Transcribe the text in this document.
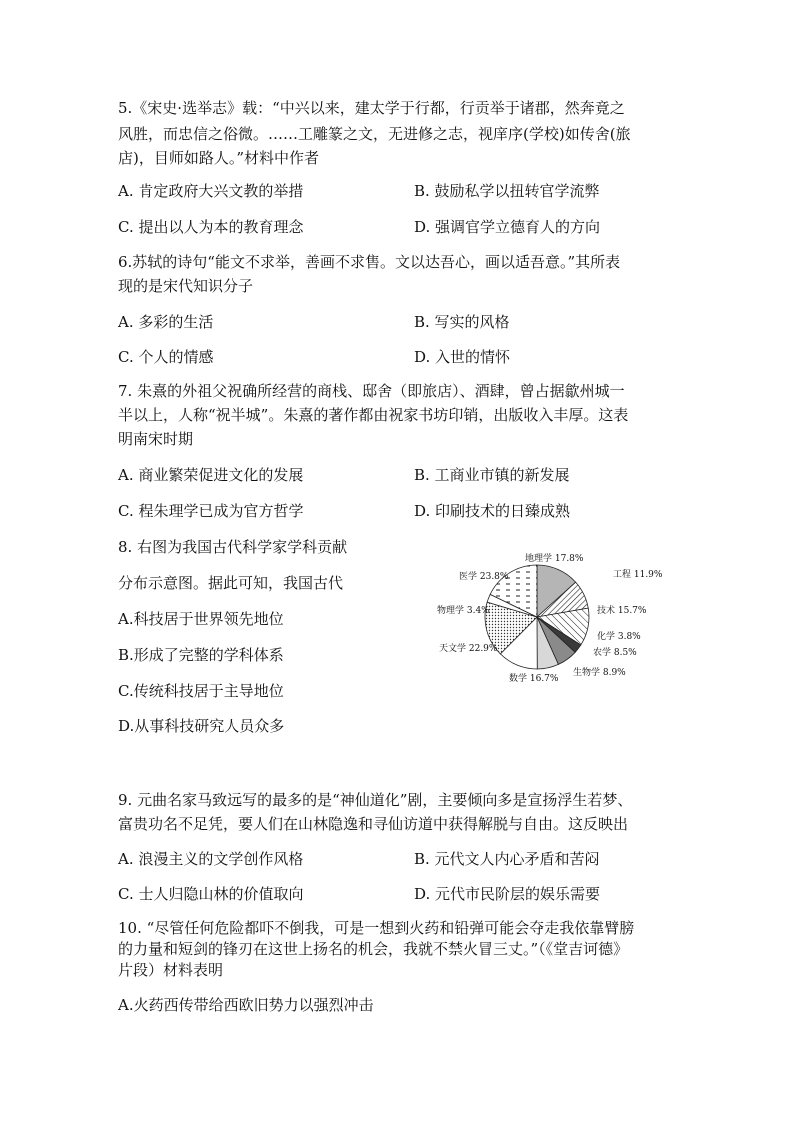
5.《宋史·选举志》载：“中兴以来，建太学于行都，行贡举于诸郡，然奔竟之
风胜，而忠信之俗微。……工雕篆之文，无进修之志，视庠序(学校)如传舍(旅
店)，目师如路人。”材料中作者
A. 肯定政府大兴文教的举措	B. 鼓励私学以扭转官学流弊
C. 提出以人为本的教育理念	D. 强调官学立德育人的方向
6.苏轼的诗句“能文不求举，善画不求售。文以达吾心，画以适吾意。”其所表
现的是宋代知识分子
A. 多彩的生活	B. 写实的风格
C. 个人的情感	D. 入世的情怀
7. 朱熹的外祖父祝确所经营的商栈、邸舍（即旅店）、酒肆，曾占据歙州城一
半以上，人称“祝半城”。朱熹的著作都由祝家书坊印销，出版收入丰厚。这表
明南宋时期
A. 商业繁荣促进文化的发展	B. 工商业市镇的新发展
C. 程朱理学已成为官方哲学	D. 印刷技术的日臻成熟
8. 右图为我国古代科学家学科贡献
分布示意图。据此可知，我国古代
A.科技居于世界领先地位
B.形成了完整的学科体系
C.传统科技居于主导地位
D.从事科技研究人员众多
地理学 17.8%
工程 11.9%
技术 15.7%
化学 3.8%
农学 8.5%
生物学 8.9%
数学 16.7%
天文学 22.9%
物理学 3.4%
医学 23.8%
9. 元曲名家马致远写的最多的是“神仙道化”剧，主要倾向多是宣扬浮生若梦、
富贵功名不足凭，要人们在山林隐逸和寻仙访道中获得解脱与自由。这反映出
A. 浪漫主义的文学创作风格	B. 元代文人内心矛盾和苦闷
C. 士人归隐山林的价值取向	D. 元代市民阶层的娱乐需要
10. “尽管任何危险都吓不倒我，可是一想到火药和铅弹可能会夺走我依靠臂膀
的力量和短剑的锋刃在这世上扬名的机会，我就不禁火冒三丈。”（《堂吉诃德》
片段）材料表明
A.火药西传带给西欧旧势力以强烈冲击
